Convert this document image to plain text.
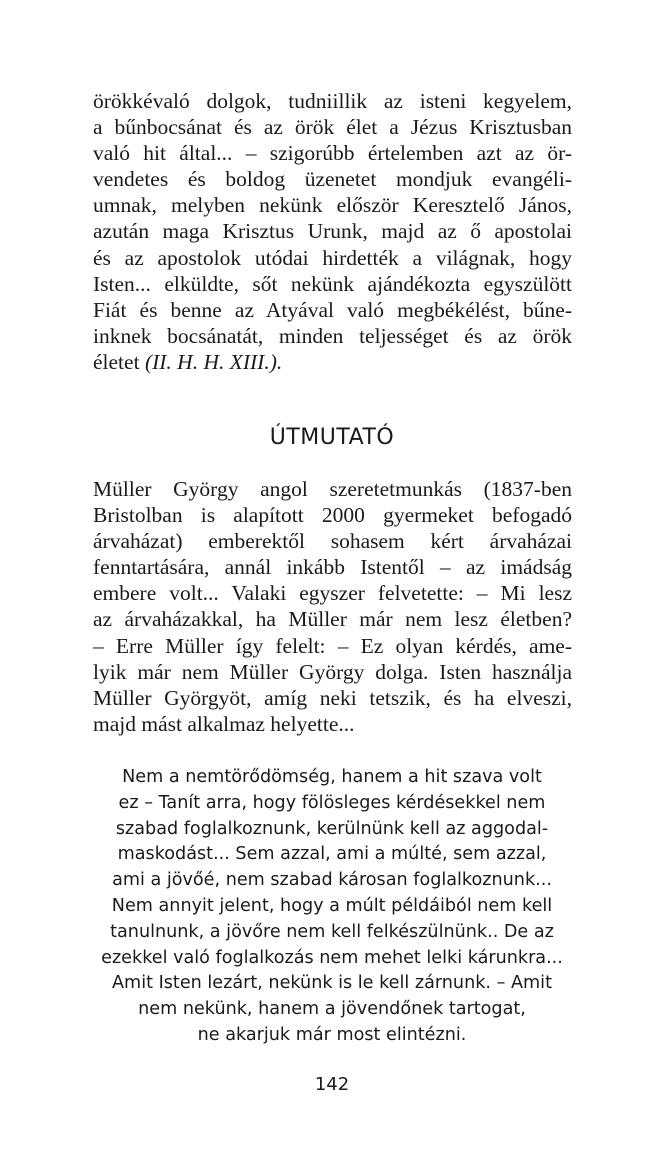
örökkévaló dolgok, tudniillik az isteni kegyelem,
a bűnbocsánat és az örök élet a Jézus Krisztusban
való hit által... – szigorúbb értelemben azt az ör-
vendetes és boldog üzenetet mondjuk evangéli-
umnak, melyben nekünk először Keresztelő János,
azután maga Krisztus Urunk, majd az ő apostolai
és az apostolok utódai hirdették a világnak, hogy
Isten... elküldte, sőt nekünk ajándékozta egyszülött
Fiát és benne az Atyával való megbékélést, bűne-
inknek bocsánatát, minden teljességet és az örök
életet (II. H. H. XIII.).
ÚTMUTATÓ
Müller György angol szeretetmunkás (1837-ben
Bristolban is alapított 2000 gyermeket befogadó
árvaházat) emberektől sohasem kért árvaházai
fenntartására, annál inkább Istentől – az imádság
embere volt... Valaki egyszer felvetette: – Mi lesz
az árvaházakkal, ha Müller már nem lesz életben?
– Erre Müller így felelt: – Ez olyan kérdés, ame-
lyik már nem Müller György dolga. Isten használja
Müller Györgyöt, amíg neki tetszik, és ha elveszi,
majd mást alkalmaz helyette...
Nem a nemtörődömség, hanem a hit szava volt
ez – Tanít arra, hogy fölösleges kérdésekkel nem
szabad foglalkoznunk, kerülnünk kell az aggodal-
maskodást... Sem azzal, ami a múlté, sem azzal,
ami a jövőé, nem szabad károsan foglalkoznunk...
Nem annyit jelent, hogy a múlt példáiból nem kell
tanulnunk, a jövőre nem kell felkészülnünk.. De az
ezekkel való foglalkozás nem mehet lelki kárunkra...
Amit Isten lezárt, nekünk is le kell zárnunk. – Amit
nem nekünk, hanem a jövendőnek tartogat,
ne akarjuk már most elintézni.
142
